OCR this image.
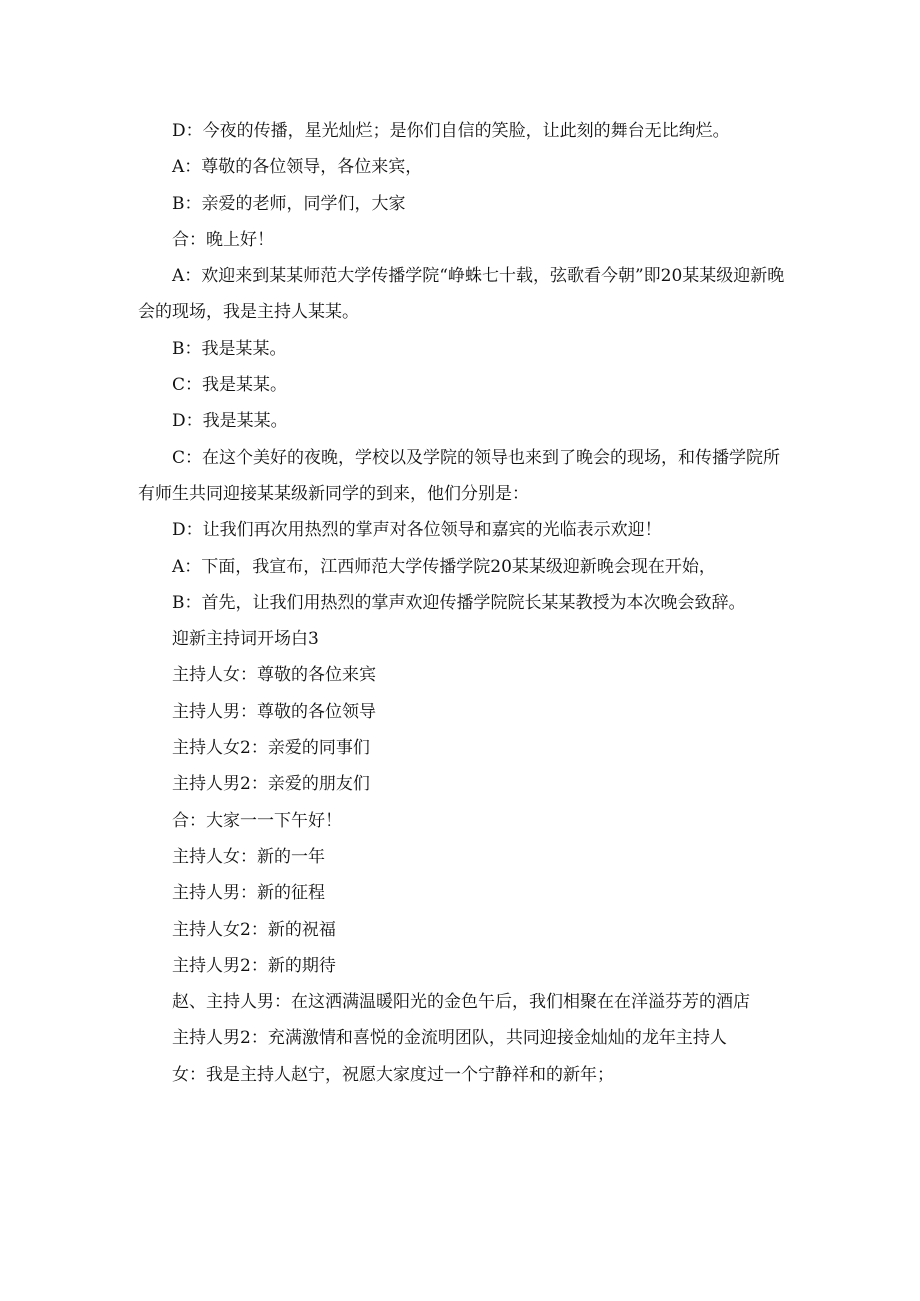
D：今夜的传播，星光灿烂；是你们自信的笑脸，让此刻的舞台无比绚烂。

A：尊敬的各位领导，各位来宾，

B：亲爱的老师，同学们，大家

合：晚上好！

A：欢迎来到某某师范大学传播学院“峥蛛七十载，弦歌看今朝”即20某某级迎新晚会的现场，我是主持人某某。

B：我是某某。

C：我是某某。

D：我是某某。

C：在这个美好的夜晚，学校以及学院的领导也来到了晚会的现场，和传播学院所有师生共同迎接某某级新同学的到来，他们分别是：

D：让我们再次用热烈的掌声对各位领导和嘉宾的光临表示欢迎！

A：下面，我宣布，江西师范大学传播学院20某某级迎新晚会现在开始，

B：首先，让我们用热烈的掌声欢迎传播学院院长某某教授为本次晚会致辞。

迎新主持词开场白3

主持人女：尊敬的各位来宾

主持人男：尊敬的各位领导

主持人女2：亲爱的同事们

主持人男2：亲爱的朋友们

合：大家一一下午好！

主持人女：新的一年

主持人男：新的征程

主持人女2：新的祝福

主持人男2：新的期待

赵、主持人男：在这洒满温暖阳光的金色午后，我们相聚在在洋溢芬芳的酒店

主持人男2：充满激情和喜悦的金流明团队，共同迎接金灿灿的龙年主持人

女：我是主持人赵宁，祝愿大家度过一个宁静祥和的新年；
